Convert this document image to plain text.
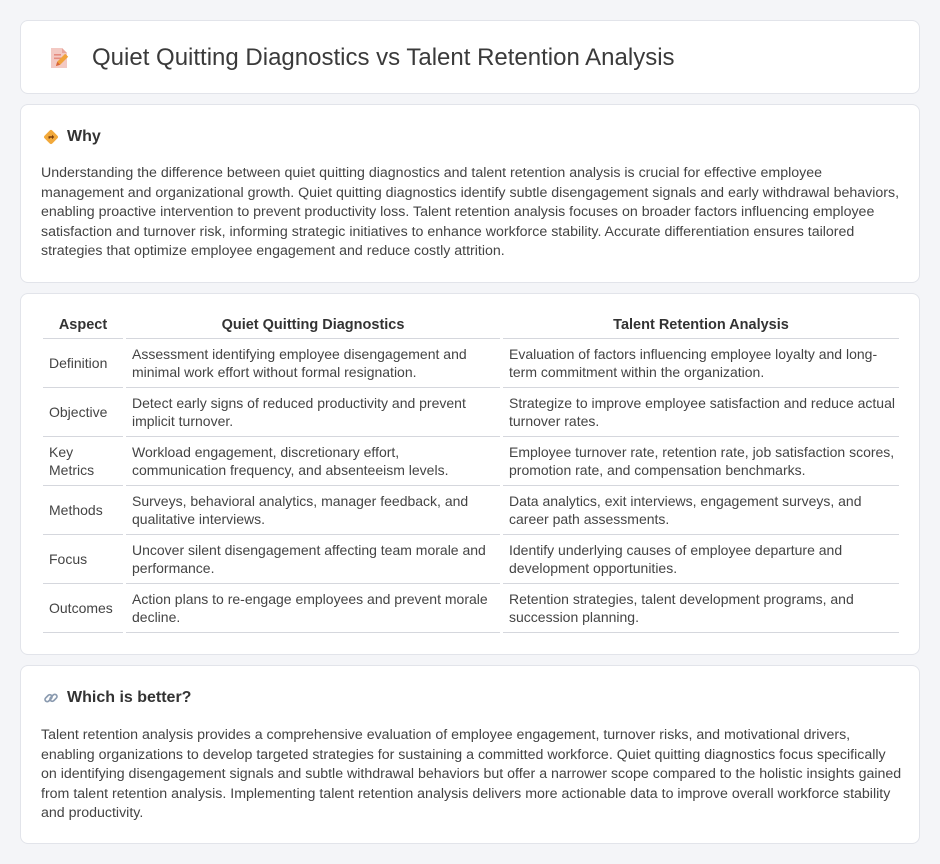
Quiet Quitting Diagnostics vs Talent Retention Analysis
Why

Understanding the difference between quiet quitting diagnostics and talent retention analysis is crucial for effective employee management and organizational growth. Quiet quitting diagnostics identify subtle disengagement signals and early withdrawal behaviors, enabling proactive intervention to prevent productivity loss. Talent retention analysis focuses on broader factors influencing employee satisfaction and turnover risk, informing strategic initiatives to enhance workforce stability. Accurate differentiation ensures tailored strategies that optimize employee engagement and reduce costly attrition.

Aspect		Quiet Quitting Diagnostics		Talent Retention Analysis
Definition		Assessment identifying employee disengagement and minimal work effort without formal resignation.		Evaluation of factors influencing employee loyalty and long-term commitment within the organization.
Objective		Detect early signs of reduced productivity and prevent implicit turnover.		Strategize to improve employee satisfaction and reduce actual turnover rates.
Key Metrics		Workload engagement, discretionary effort, communication frequency, and absenteeism levels.		Employee turnover rate, retention rate, job satisfaction scores, promotion rate, and compensation benchmarks.
Methods		Surveys, behavioral analytics, manager feedback, and qualitative interviews.		Data analytics, exit interviews, engagement surveys, and career path assessments.
Focus		Uncover silent disengagement affecting team morale and performance.		Identify underlying causes of employee departure and development opportunities.
Outcomes		Action plans to re-engage employees and prevent morale decline.		Retention strategies, talent development programs, and succession planning.
Which is better?

Talent retention analysis provides a comprehensive evaluation of employee engagement, turnover risks, and motivational drivers, enabling organizations to develop targeted strategies for sustaining a committed workforce. Quiet quitting diagnostics focus specifically on identifying disengagement signals and subtle withdrawal behaviors but offer a narrower scope compared to the holistic insights gained from talent retention analysis. Implementing talent retention analysis delivers more actionable data to improve overall workforce stability and productivity.
